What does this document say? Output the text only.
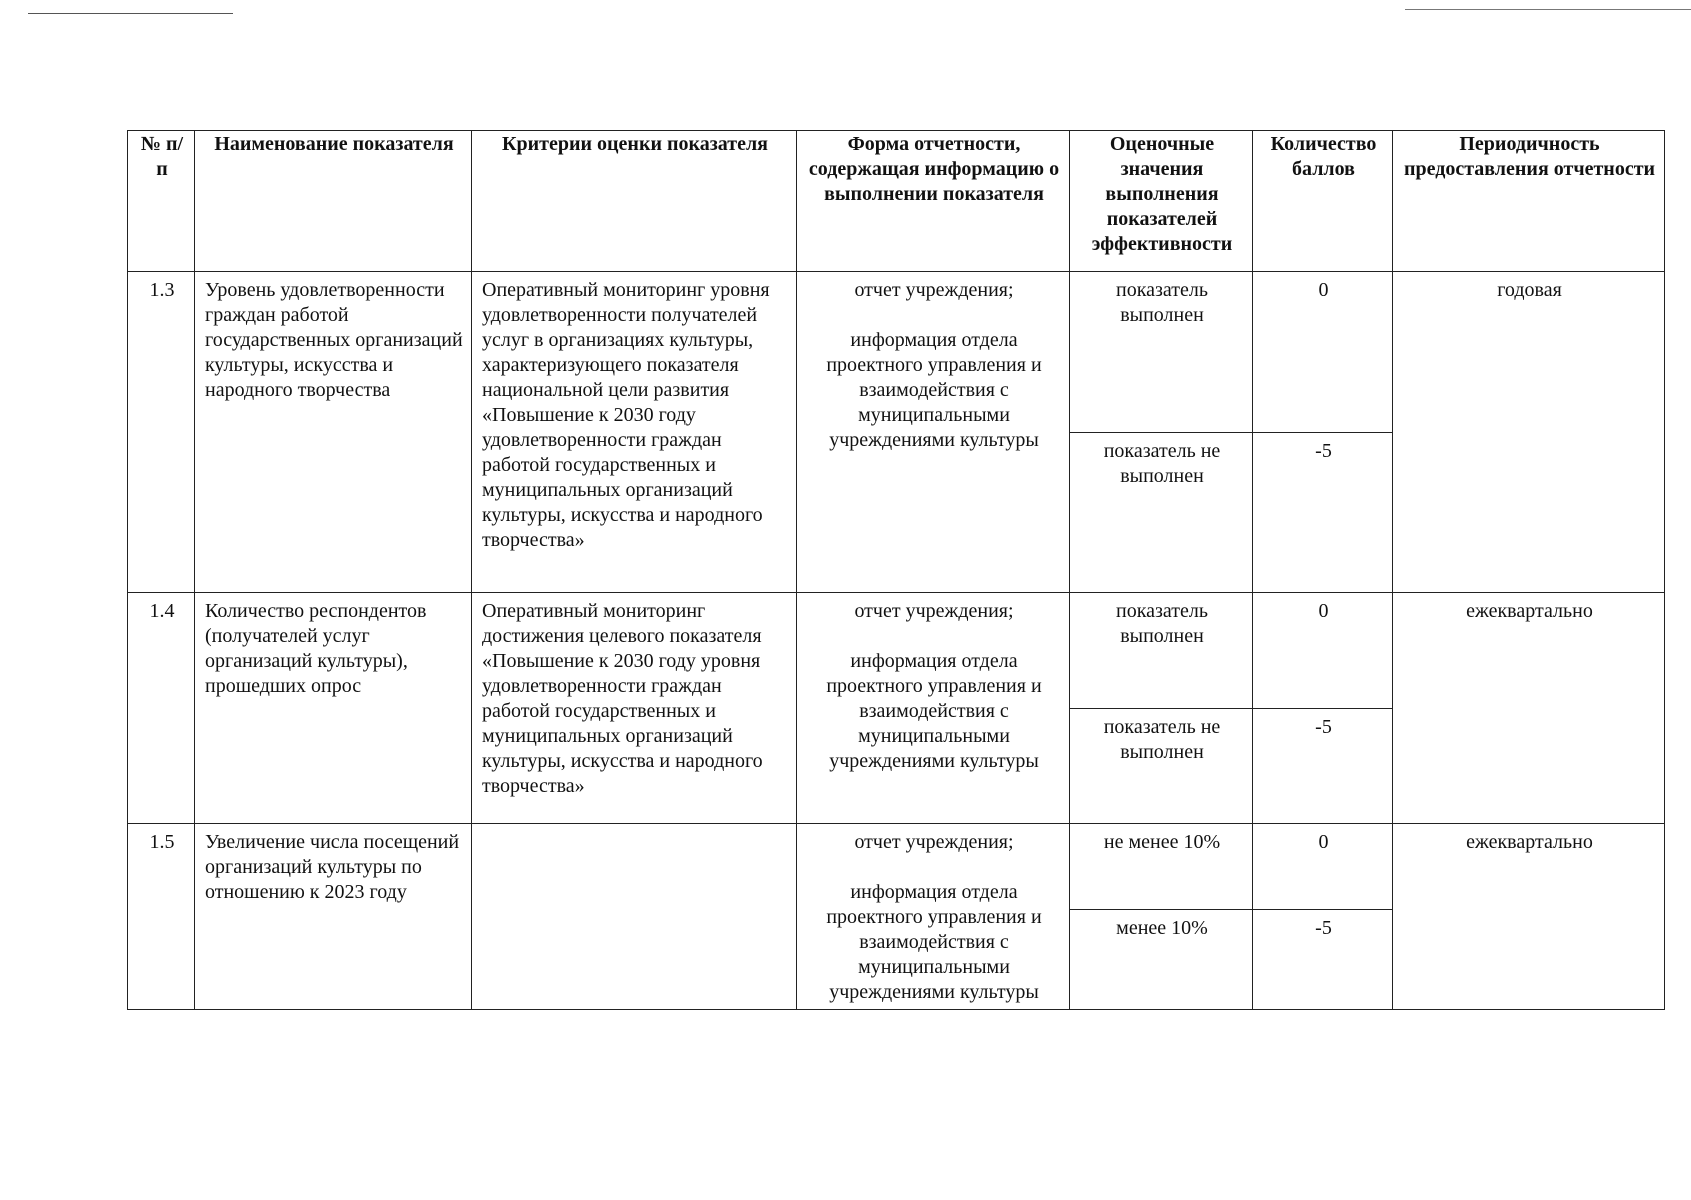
№ п/п	Наименование показателя	Критерии оценки показателя	Форма отчетности, содержащая информацию о выполнении показателя	Оценочные значения выполнения показателей эффективности	Количество баллов	Периодичность предоставления отчетности
1.3	Уровень удовлетворенности граждан работой государственных организаций культуры, искусства и народного творчества	Оперативный мониторинг уровня удовлетворенности получателей услуг в организациях культуры, характеризующего показателя национальной цели развития «Повышение к 2030 году удовлетворенности граждан работой государственных и муниципальных организаций культуры, искусства и народного творчества»	отчет учреждения;
информация отдела проектного управления и взаимодействия с муниципальными учреждениями культуры	показатель выполнен	0	годовая
				показатель не выполнен	-5	
1.4	Количество респондентов (получателей услуг организаций культуры), прошедших опрос	Оперативный мониторинг достижения целевого показателя «Повышение к 2030 году уровня удовлетворенности граждан работой государственных и муниципальных организаций культуры, искусства и народного творчества»	отчет учреждения;
информация отдела проектного управления и взаимодействия с муниципальными учреждениями культуры	показатель выполнен	0	ежеквартально
				показатель не выполнен	-5	
1.5	Увеличение числа посещений организаций культуры по отношению к 2023 году		отчет учреждения;
информация отдела проектного управления и взаимодействия с муниципальными учреждениями культуры	не менее 10%	0	ежеквартально
				менее 10%	-5	
